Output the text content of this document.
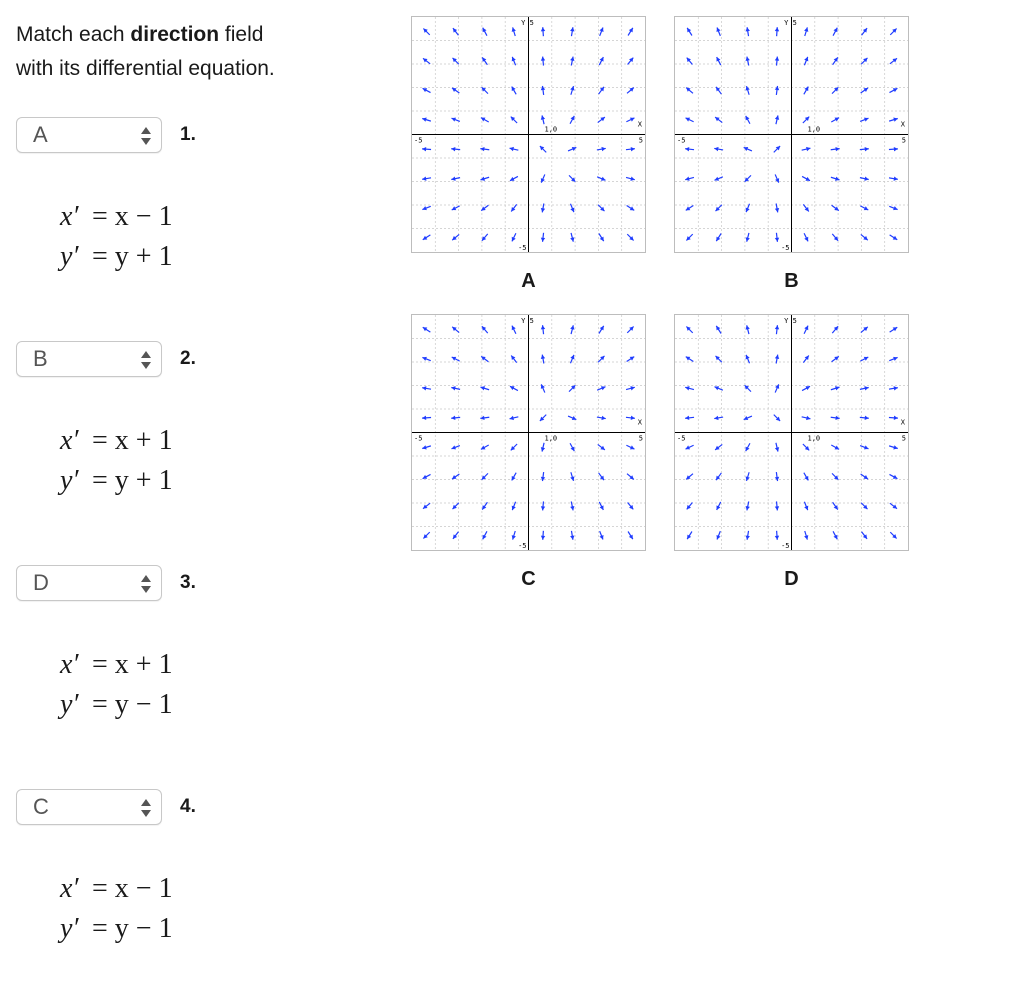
Match each direction field
with its differential equation.
A	1.
x′ = x − 1
y′ = y + 1
B	2.
x′ = x + 1
y′ = y + 1
D	3.
x′ = x + 1
y′ = y − 1
C	4.
x′ = x − 1
y′ = y − 1
Y 5
-5
X
5
-5
1,0
A
Y 5
-5
X
5
-5
1,0
B
Y 5
-5
X
5
-5	1,0
C
Y 5
-5
X
5
-5	1,0
D
